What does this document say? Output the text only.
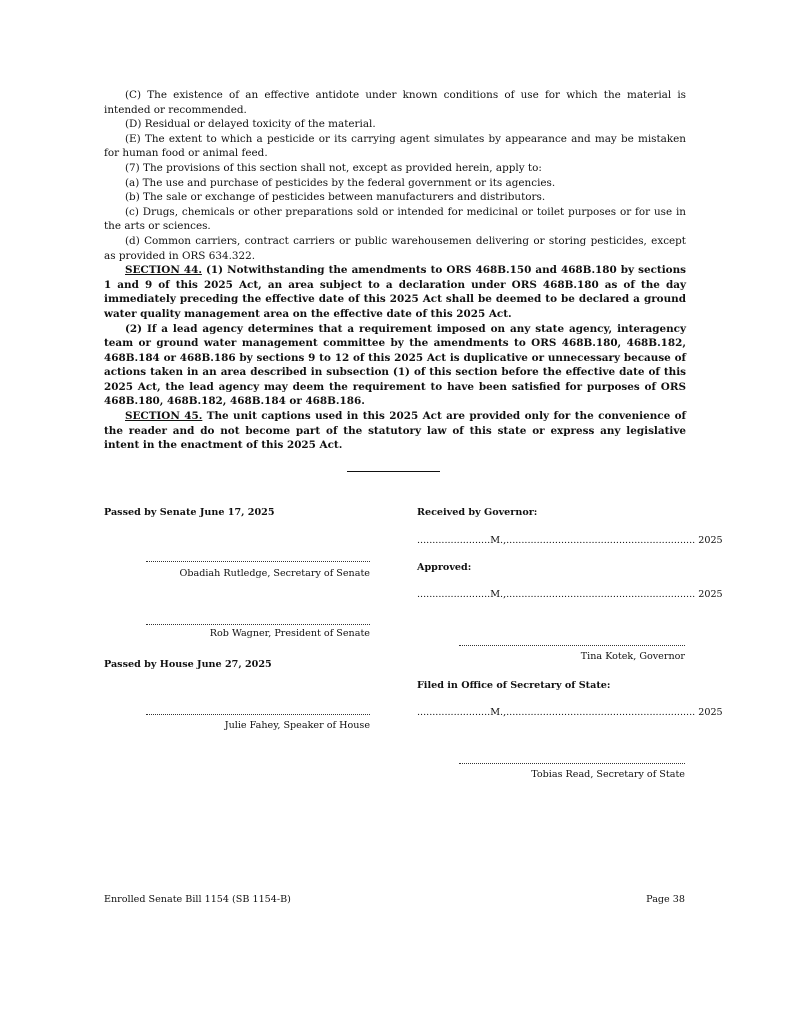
(C) The existence of an effective antidote under known conditions of use for which the material is intended or recommended.

(D) Residual or delayed toxicity of the material.

(E) The extent to which a pesticide or its carrying agent simulates by appearance and may be mistaken for human food or animal feed.

(7) The provisions of this section shall not, except as provided herein, apply to:

(a) The use and purchase of pesticides by the federal government or its agencies.

(b) The sale or exchange of pesticides between manufacturers and distributors.

(c) Drugs, chemicals or other preparations sold or intended for medicinal or toilet purposes or for use in the arts or sciences.

(d) Common carriers, contract carriers or public warehousemen delivering or storing pesticides, except as provided in ORS 634.322.

SECTION 44. (1) Notwithstanding the amendments to ORS 468B.150 and 468B.180 by sections 1 and 9 of this 2025 Act, an area subject to a declaration under ORS 468B.180 as of the day immediately preceding the effective date of this 2025 Act shall be deemed to be declared a ground water quality management area on the effective date of this 2025 Act.

(2) If a lead agency determines that a requirement imposed on any state agency, interagency team or ground water management committee by the amendments to ORS 468B.180, 468B.182, 468B.184 or 468B.186 by sections 9 to 12 of this 2025 Act is duplicative or unnecessary because of actions taken in an area described in subsection (1) of this section before the effective date of this 2025 Act, the lead agency may deem the requirement to have been satisfied for purposes of ORS 468B.180, 468B.182, 468B.184 or 468B.186.

SECTION 45. The unit captions used in this 2025 Act are provided only for the convenience of the reader and do not become part of the statutory law of this state or express any legislative intent in the enactment of this 2025 Act.

Passed by Senate June 17, 2025
Obadiah Rutledge, Secretary of Senate
Rob Wagner, President of Senate
Passed by House June 27, 2025
Julie Fahey, Speaker of House
Received by Governor:
........................M.,.............................................................. 2025
Approved:
........................M.,.............................................................. 2025
Tina Kotek, Governor
Filed in Office of Secretary of State:
........................M.,.............................................................. 2025
Tobias Read, Secretary of State
Enrolled Senate Bill 1154 (SB 1154-B)	Page 38
